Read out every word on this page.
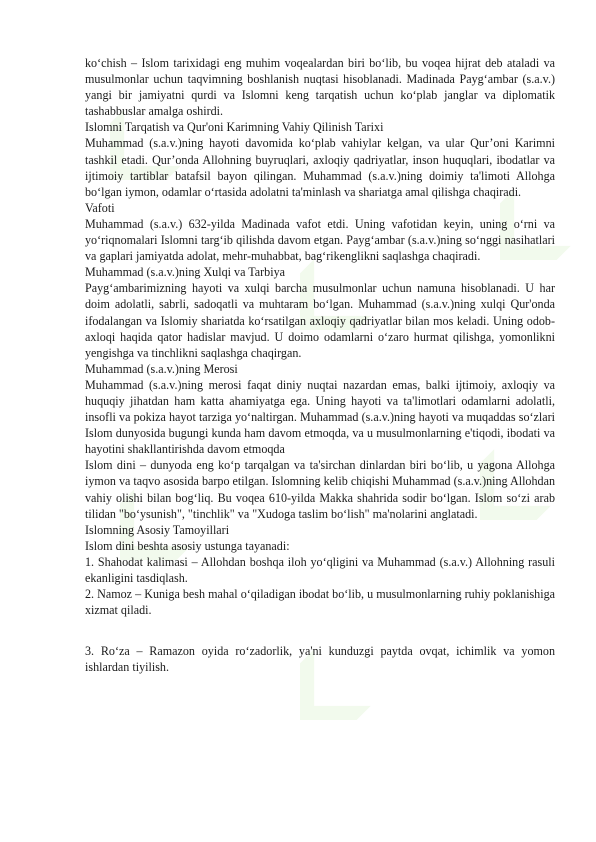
ko‘chish – Islom tarixidagi eng muhim voqealardan biri bo‘lib, bu voqea hijrat deb ataladi va musulmonlar uchun taqvimning boshlanish nuqtasi hisoblanadi. Madinada Payg‘ambar (s.a.v.) yangi bir jamiyatni qurdi va Islomni keng tarqatish uchun ko‘plab janglar va diplomatik tashabbuslar amalga oshirdi.

Islomni Tarqatish va Qur'oni Karimning Vahiy Qilinish Tarixi

Muhammad (s.a.v.)ning hayoti davomida ko‘plab vahiylar kelgan, va ular Qur’oni Karimni tashkil etadi. Qur’onda Allohning buyruqlari, axloqiy qadriyatlar, inson huquqlari, ibodatlar va ijtimoiy tartiblar batafsil bayon qilingan. Muhammad (s.a.v.)ning doimiy ta'limoti Allohga bo‘lgan iymon, odamlar o‘rtasida adolatni ta'minlash va shariatga amal qilishga chaqiradi.

Vafoti

Muhammad (s.a.v.) 632-yilda Madinada vafot etdi. Uning vafotidan keyin, uning o‘rni va yo‘riqnomalari Islomni targ‘ib qilishda davom etgan. Payg‘ambar (s.a.v.)ning so‘nggi nasihatlari va gaplari jamiyatda adolat, mehr-muhabbat, bag‘rikenglikni saqlashga chaqiradi.

Muhammad (s.a.v.)ning Xulqi va Tarbiya

Payg‘ambarimizning hayoti va xulqi barcha musulmonlar uchun namuna hisoblanadi. U har doim adolatli, sabrli, sadoqatli va muhtaram bo‘lgan. Muhammad (s.a.v.)ning xulqi Qur'onda ifodalangan va Islomiy shariatda ko‘rsatilgan axloqiy qadriyatlar bilan mos keladi. Uning odob-axloqi haqida qator hadislar mavjud. U doimo odamlarni o‘zaro hurmat qilishga, yomonlikni yengishga va tinchlikni saqlashga chaqirgan.

Muhammad (s.a.v.)ning Merosi

Muhammad (s.a.v.)ning merosi faqat diniy nuqtai nazardan emas, balki ijtimoiy, axloqiy va huquqiy jihatdan ham katta ahamiyatga ega. Uning hayoti va ta'limotlari odamlarni adolatli, insofli va pokiza hayot tarziga yo‘naltirgan. Muhammad (s.a.v.)ning hayoti va muqaddas so‘zlari Islom dunyosida bugungi kunda ham davom etmoqda, va u musulmonlarning e'tiqodi, ibodati va hayotini shakllantirishda davom etmoqda

Islom dini – dunyoda eng ko‘p tarqalgan va ta'sirchan dinlardan biri bo‘lib, u yagona Allohga iymon va taqvo asosida barpo etilgan. Islomning kelib chiqishi Muhammad (s.a.v.)ning Allohdan vahiy olishi bilan bog‘liq. Bu voqea 610-yilda Makka shahrida sodir bo‘lgan. Islom so‘zi arab tilidan "bo‘ysunish", "tinchlik" va "Xudoga taslim bo‘lish" ma'nolarini anglatadi.

Islomning Asosiy Tamoyillari
Islom dini beshta asosiy ustunga tayanadi:

1. Shahodat kalimasi – Allohdan boshqa iloh yo‘qligini va Muhammad (s.a.v.) Allohning rasuli ekanligini tasdiqlash.

2. Namoz – Kuniga besh mahal o‘qiladigan ibodat bo‘lib, u musulmonlarning ruhiy poklanishiga xizmat qiladi.

3. Ro‘za – Ramazon oyida ro‘zadorlik, ya'ni kunduzgi paytda ovqat, ichimlik va yomon ishlardan tiyilish.
